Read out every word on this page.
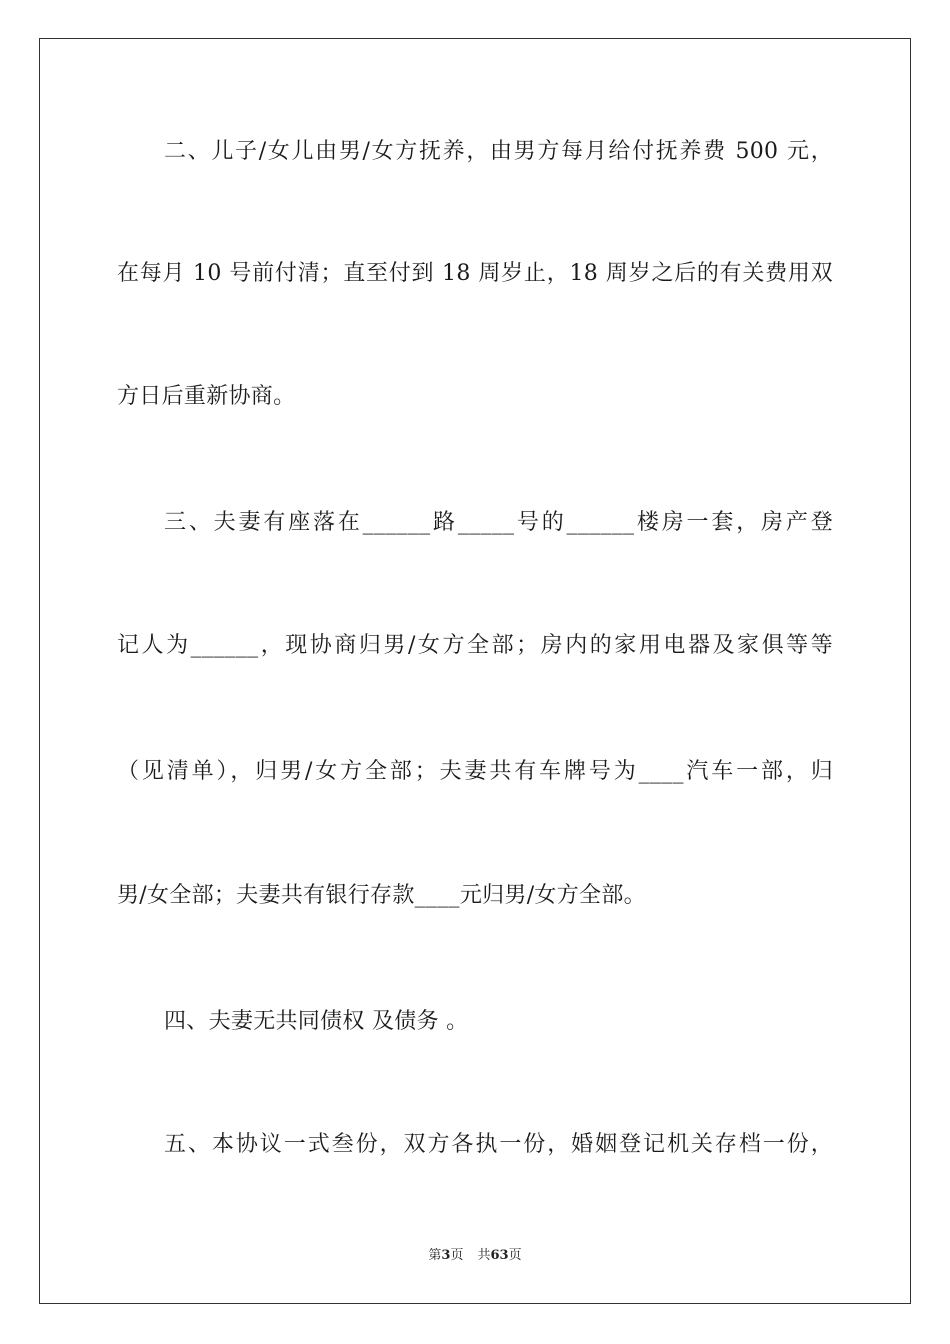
二、儿子/女儿由男/女方抚养，由男方每月给付抚养费 500 元，
在每月 10 号前付清；直至付到 18 周岁止，18 周岁之后的有关费用双
方日后重新协商。
三、夫妻有座落在______路_____号的______楼房一套，房产登
记人为______，现协商归男/女方全部；房内的家用电器及家俱等等
（见清单），归男/女方全部；夫妻共有车牌号为____汽车一部，归
男/女全部；夫妻共有银行存款____元归男/女方全部。
四、夫妻无共同债权 及债务 。
五、本协议一式叁份，双方各执一份，婚姻登记机关存档一份，
第3页 共63页
